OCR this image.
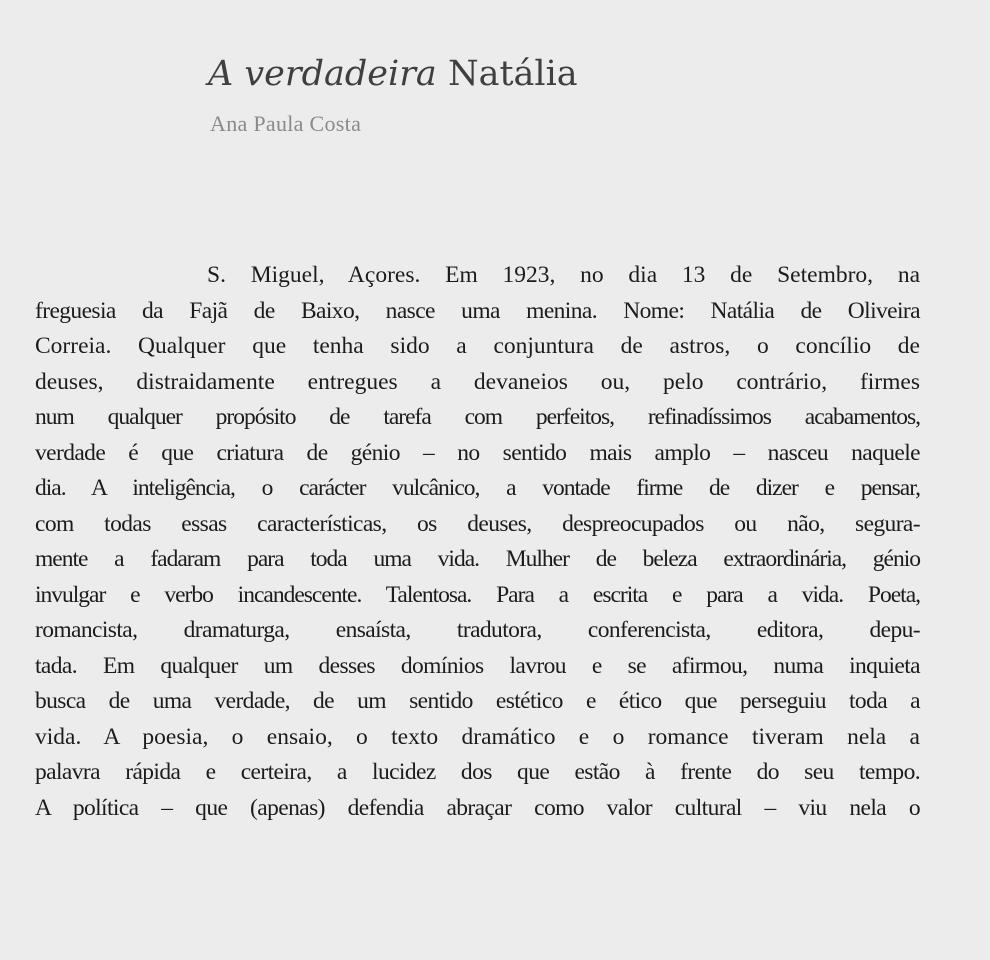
A verdadeira Natália
Ana Paula Costa
S. Miguel, Açores. Em 1923, no dia 13 de Setembro, na
freguesia da Fajã de Baixo, nasce uma menina. Nome: Natália de Oliveira
Correia. Qualquer que tenha sido a conjuntura de astros, o concílio de
deuses, distraidamente entregues a devaneios ou, pelo contrário, firmes
num qualquer propósito de tarefa com perfeitos, refinadíssimos acabamentos,
verdade é que criatura de génio – no sentido mais amplo – nasceu naquele
dia. A inteligência, o carácter vulcânico, a vontade firme de dizer e pensar,
com todas essas características, os deuses, despreocupados ou não, segura-
mente a fadaram para toda uma vida. Mulher de beleza extraordinária, génio
invulgar e verbo incandescente. Talentosa. Para a escrita e para a vida. Poeta,
romancista, dramaturga, ensaísta, tradutora, conferencista, editora, depu-
tada. Em qualquer um desses domínios lavrou e se afirmou, numa inquieta
busca de uma verdade, de um sentido estético e ético que perseguiu toda a
vida. A poesia, o ensaio, o texto dramático e o romance tiveram nela a
palavra rápida e certeira, a lucidez dos que estão à frente do seu tempo.
A política – que (apenas) defendia abraçar como valor cultural – viu nela o
